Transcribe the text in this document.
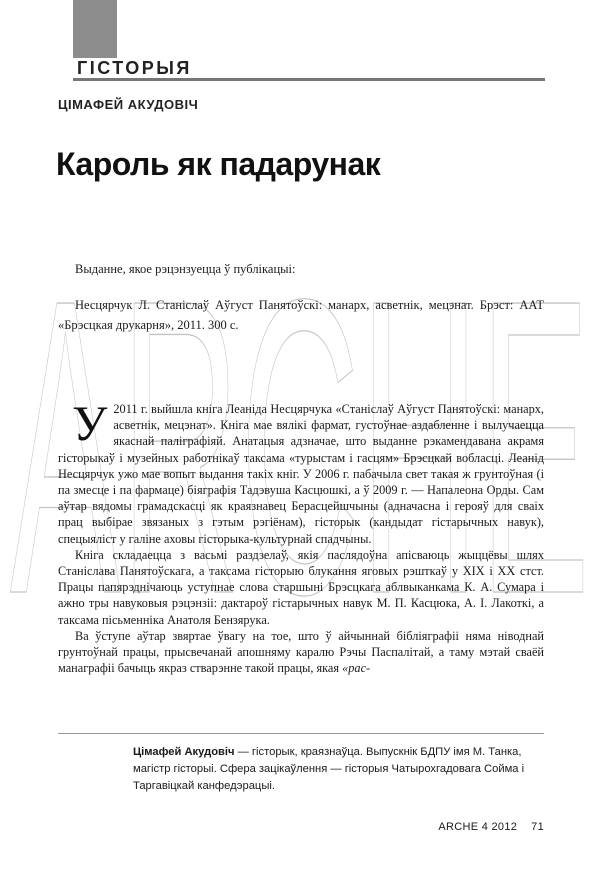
ГІСТОРЫЯ
ЦІМАФЕЙ АКУДОВІЧ
Кароль як падарунак
ARCHE
Выданне, якое рэцэнзуецца ў публікацыі:
Несцярчук Л. Станіслаў Аўгуст Панятоўскі: манарх, асветнік, мецэнат. Брэст: ААТ «Брэсцкая друкарня», 2011. 300 с.

У 2011 г. выйшла кніга Леаніда Несцярчука «Станіслаў Аўгуст Панятоўскі: манарх, асветнік, мецэнат». Кніга мае вялікі фармат, густоўнае аздабленне і вылучаецца якаснай паліграфіяй. Анатацыя адзначае, што выданне рэкамендавана акрамя гісторыкаў і музейных работнікаў таксама «турыстам і гасцям» Брэсцкай вобласці. Леанід Несцярчук ужо мае вопыт выдання такіх кніг. У 2006 г. пабачыла свет такая ж грунтоўная (і па змесце і па фармаце) біяграфія Тадэвуша Касцюшкі, а ў 2009 г. — Напалеона Орды. Сам аўтар вядомы грамадскасці як краязнавец Берасцейшчыны (адначасна і герояў для сваіх прац выбірае звязаных з гэтым рэгіёнам), гісторык (кандыдат гістарычных навук), спецыяліст у галіне аховы гісторыка-культурнай спадчыны.

Кніга складаецца з васьмі раздзелаў, якія паслядоўна апісваюць жыццёвы шлях Станіслава Панятоўскага, а таксама гісторыю блукання яговых рэшткаў у XIX і XX стст. Працы папярэднічаюць уступнае слова старшыні Брэсцкага аблвыканкама К. А. Сумара і ажно тры навуковыя рэцэнзіі: дактароў гістарычных навук М. П. Касцюка, А. І. Лакоткі, а таксама пісьменніка Анатоля Бензярука.

Ва ўступе аўтар звяртае ўвагу на тое, што ў айчыннай бібліяграфіі няма ніводнай грунтоўнай працы, прысвечанай апошняму каралю Рэчы Паспалітай, а таму мэтай сваёй манаграфіі бачыць якраз стварэнне такой працы, якая «рас-

Цімафей Акудовіч — гісторык, краязнаўца. Выпускнік БДПУ імя М. Танка, магістр гісторыі. Сфера зацікаўлення — гісторыя Чатырохгадовага Сойма і Таргавіцкай канфедэрацыі.
ARCHE 4 2012 71
